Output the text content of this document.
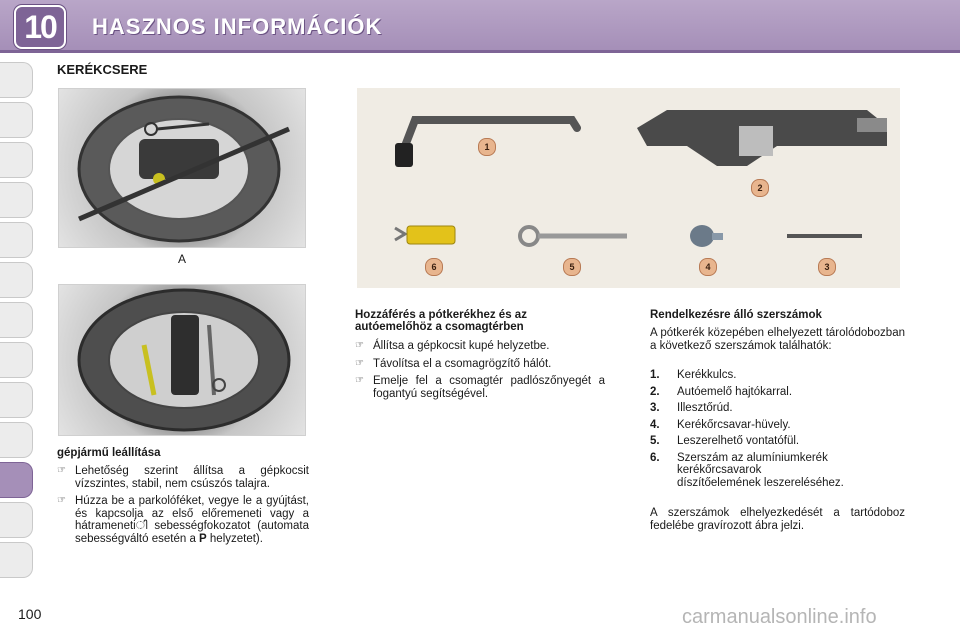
10	HASZNOS INFORMÁCIÓK
KERÉKCSERE
A
1
2
3
4
5
6
Hozzáférés a pótkerékhez és az autóemelőhöz a csomagtérben
☞ Állítsa a gépkocsit kupé helyzetbe.
☞ Távolítsa el a csomagrögzítő hálót.
☞ Emelje fel a csomagtér padlószőnyegét a fogantyú segítségével.
gépjármű leállítása
☞ Lehetőség szerint állítsa a gépkocsit vízszintes, stabil, nem csúszós talajra.
☞ Húzza be a parkolóféket, vegye le a gyújtást, és kapcsolja az első előremeneti vagy a hátramenetiി sebességfokozatot (automata sebességváltó esetén a P helyzetet).
Rendelkezésre álló szerszámok

A pótkerék közepében elhelyezett tárolódobozban a következő szerszámok találhatók:

1. Kerékkulcs.
2. Autóemelő hajtókarral.
3. Illesztőrúd.
4. Kerékőrcsavar-hüvely.
5. Leszerelhető vontatófül.
6. Szerszám az alumíniumkerék kerékőrcsavarok díszítőelemének leszereléséhez.

A szerszámok elhelyezkedését a tartódoboz fedelébe gravírozott ábra jelzi.

100	carmanualsonline.info
